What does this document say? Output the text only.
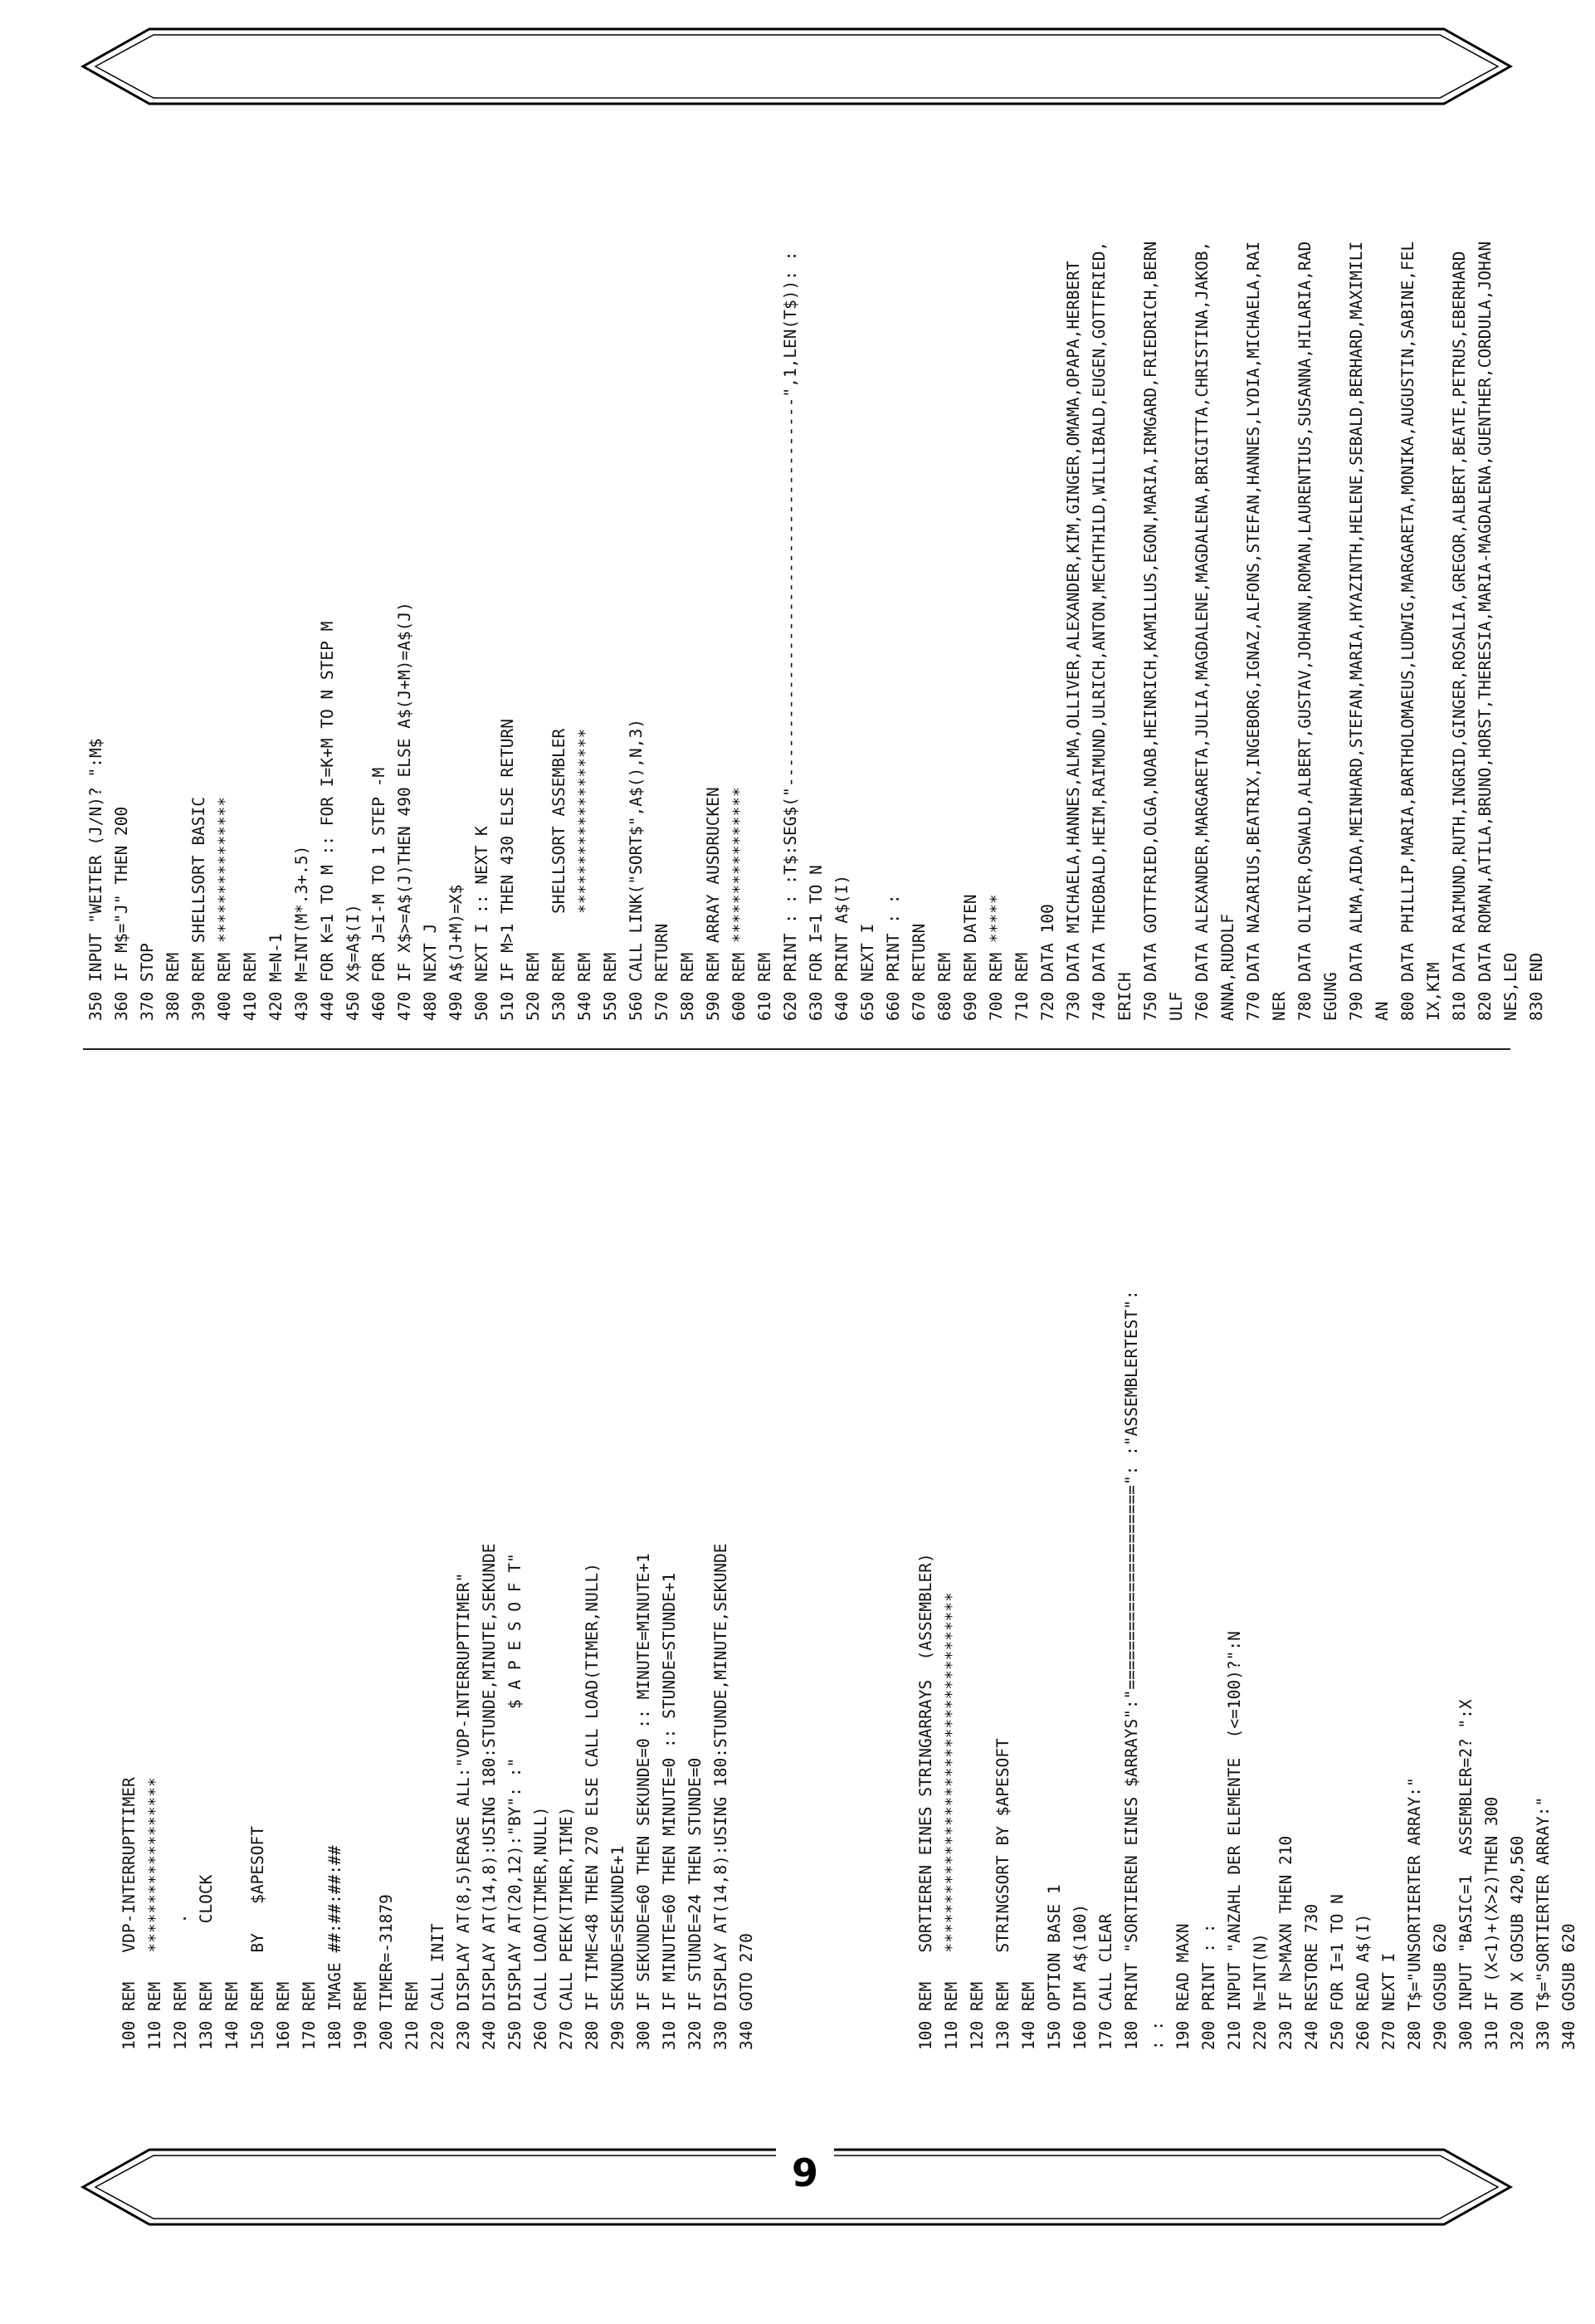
9
100 REM   VDP-INTERRUPTTIMER 110 REM   ****************** 120 REM      . 130 REM      CLOCK 140 REM 150 REM   BY   $APESOFT 160 REM 170 REM 180 IMAGE ##:##:##:## 190 REM 200 TIMER=-31879 210 REM 220 CALL INIT 230 DISPLAY AT(8,5)ERASE ALL:"VDP-INTERRUPTTIMER" 240 DISPLAY AT(14,8):USING 180:STUNDE,MINUTE,SEKUNDE 250 DISPLAY AT(20,12):"BY": :"     $ A P E S O F T" 260 CALL LOAD(TIMER,NULL) 270 CALL PEEK(TIMER,TIME) 280 IF TIME<48 THEN 270 ELSE CALL LOAD(TIMER,NULL) 290 SEKUNDE=SEKUNDE+1 300 IF SEKUNDE=60 THEN SEKUNDE=0 :: MINUTE=MINUTE+1 310 IF MINUTE=60 THEN MINUTE=0 :: STUNDE=STUNDE+1 320 IF STUNDE=24 THEN STUNDE=0 330 DISPLAY AT(14,8):USING 180:STUNDE,MINUTE,SEKUNDE 340 GOTO 270	100 REM   SORTIEREN EINES STRINGARRAYS  (ASSEMBLER) 110 REM   ************************************* 120 REM 130 REM   STRINGSORT BY $APESOFT 140 REM 150 OPTION BASE 1 160 DIM A$(100) 170 CALL CLEAR 180 PRINT "SORTIEREN EINES $ARRAYS":"=====================": :"ASSEMBLERTEST": : : 190 READ MAXN 200 PRINT : : 210 INPUT "ANZAHL DER ELEMENTE  (<=100)?":N 220 N=INT(N) 230 IF N>MAXN THEN 210 240 RESTORE 730 250 FOR I=1 TO N 260 READ A$(I) 270 NEXT I 280 T$="UNSORTIERTER ARRAY:" 290 GOSUB 620 300 INPUT "BASIC=1  ASSEMBLER=2? ":X 310 IF (X<1)+(X>2)THEN 300 320 ON X GOSUB 420,560 330 T$="SORTIERTER ARRAY:" 340 GOSUB 620
350 INPUT "WEITER (J/N)? ":M$ 360 IF M$="J" THEN 200 370 STOP 380 REM 390 REM SHELLSORT BASIC 400 REM *************** 410 REM 420 M=N-1 430 M=INT(M*.3+.5) 440 FOR K=1 TO M :: FOR I=K+M TO N STEP M 450 X$=A$(I) 460 FOR J=I-M TO 1 STEP -M 470 IF X$>=A$(J)THEN 490 ELSE A$(J+M)=A$(J) 480 NEXT J 490 A$(J+M)=X$ 500 NEXT I :: NEXT K 510 IF M>1 THEN 430 ELSE RETURN 520 REM 530 REM    SHELLSORT ASSEMBLER 540 REM    ******************* 550 REM 560 CALL LINK("SORT$",A$(),N,3) 570 RETURN 580 REM 590 REM ARRAY AUSDRUCKEN 600 REM **************** 610 REM 620 PRINT : : :T$:SEG$("----------------------------------------",1,LEN(T$)): : 630 FOR I=1 TO N 640 PRINT A$(I) 650 NEXT I 660 PRINT : : 670 RETURN 680 REM 690 REM DATEN 700 REM ***** 710 REM 720 DATA 100 730 DATA MICHAELA,HANNES,ALMA,OLLIVER,ALEXANDER,KIM,GINGER,OMAMA,OPAPA,HERBERT 740 DATA THEOBALD,HEIM,RAIMUND,ULRICH,ANTON,MECHTHILD,WILLIBALD,EUGEN,GOTTFRIED, ERICH 750 DATA GOTTFRIED,OLGA,NOAB,HEINRICH,KAMILLUS,EGON,MARIA,IRMGARD,FRIEDRICH,BERN ULF 760 DATA ALEXANDER,MARGARETA,JULIA,MAGDALENE,MAGDALENA,BRIGITTA,CHRISTINA,JAKOB, ANNA,RUDOLF 770 DATA NAZARIUS,BEATRIX,INGEBORG,IGNAZ,ALFONS,STEFAN,HANNES,LYDIA,MICHAELA,RAI NER 780 DATA OLIVER,OSWALD,ALBERT,GUSTAV,JOHANN,ROMAN,LAURENTIUS,SUSANNA,HILARIA,RAD EGUNG 790 DATA ALMA,AIDA,MEINHARD,STEFAN,MARIA,HYAZINTH,HELENE,SEBALD,BERHARD,MAXIMILI AN 800 DATA PHILLIP,MARIA,BARTHOLOMAEUS,LUDWIG,MARGARETA,MONIKA,AUGUSTIN,SABINE,FEL IX,KIM 810 DATA RAIMUND,RUTH,INGRID,GINGER,ROSALIA,GREGOR,ALBERT,BEATE,PETRUS,EBERHARD 820 DATA ROMAN,ATILA,BRUNO,HORST,THERESIA,MARIA-MAGDALENA,GUENTHER,CORDULA,JOHAN NES,LEO 830 END
